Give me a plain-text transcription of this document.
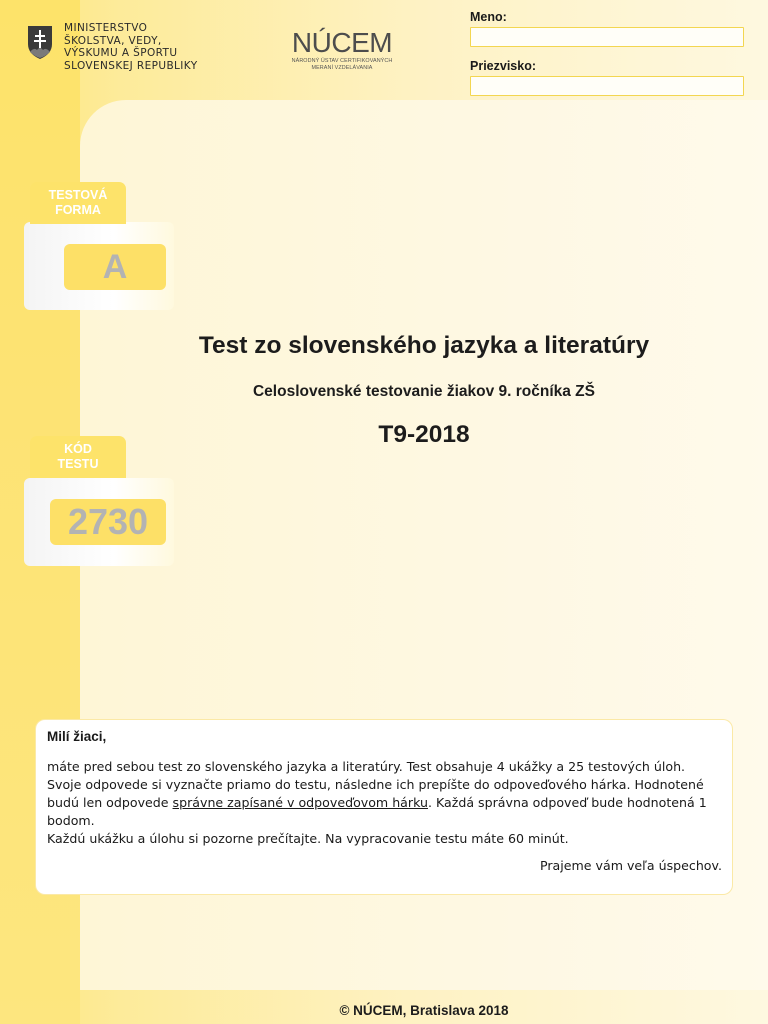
MINISTERSTVO
ŠKOLSTVA, VEDY,
VÝSKUMU A ŠPORTU
SLOVENSKEJ REPUBLIKY
NÚCEM
NÁRODNÝ ÚSTAV CERTIFIKOVANÝCH
MERANÍ VZDELÁVANIA
Meno:
Priezvisko:
TESTOVÁ
FORMA
A
KÓD
TESTU
2730
Test zo slovenského jazyka a literatúry
Celoslovenské testovanie žiakov 9. ročníka ZŠ
T9-2018
Milí žiaci,

máte pred sebou test zo slovenského jazyka a literatúry. Test obsahuje 4 ukážky a 25 testových úloh.

Svoje odpovede si vyznačte priamo do testu, následne ich prepíšte do odpoveďového hárka. Hodnotené budú len odpovede správne zapísané v odpoveďovom hárku. Každá správna odpoveď bude hodnotená 1 bodom.

Každú ukážku a úlohu si pozorne prečítajte. Na vypracovanie testu máte 60 minút.

Prajeme vám veľa úspechov.
© NÚCEM, Bratislava 2018
